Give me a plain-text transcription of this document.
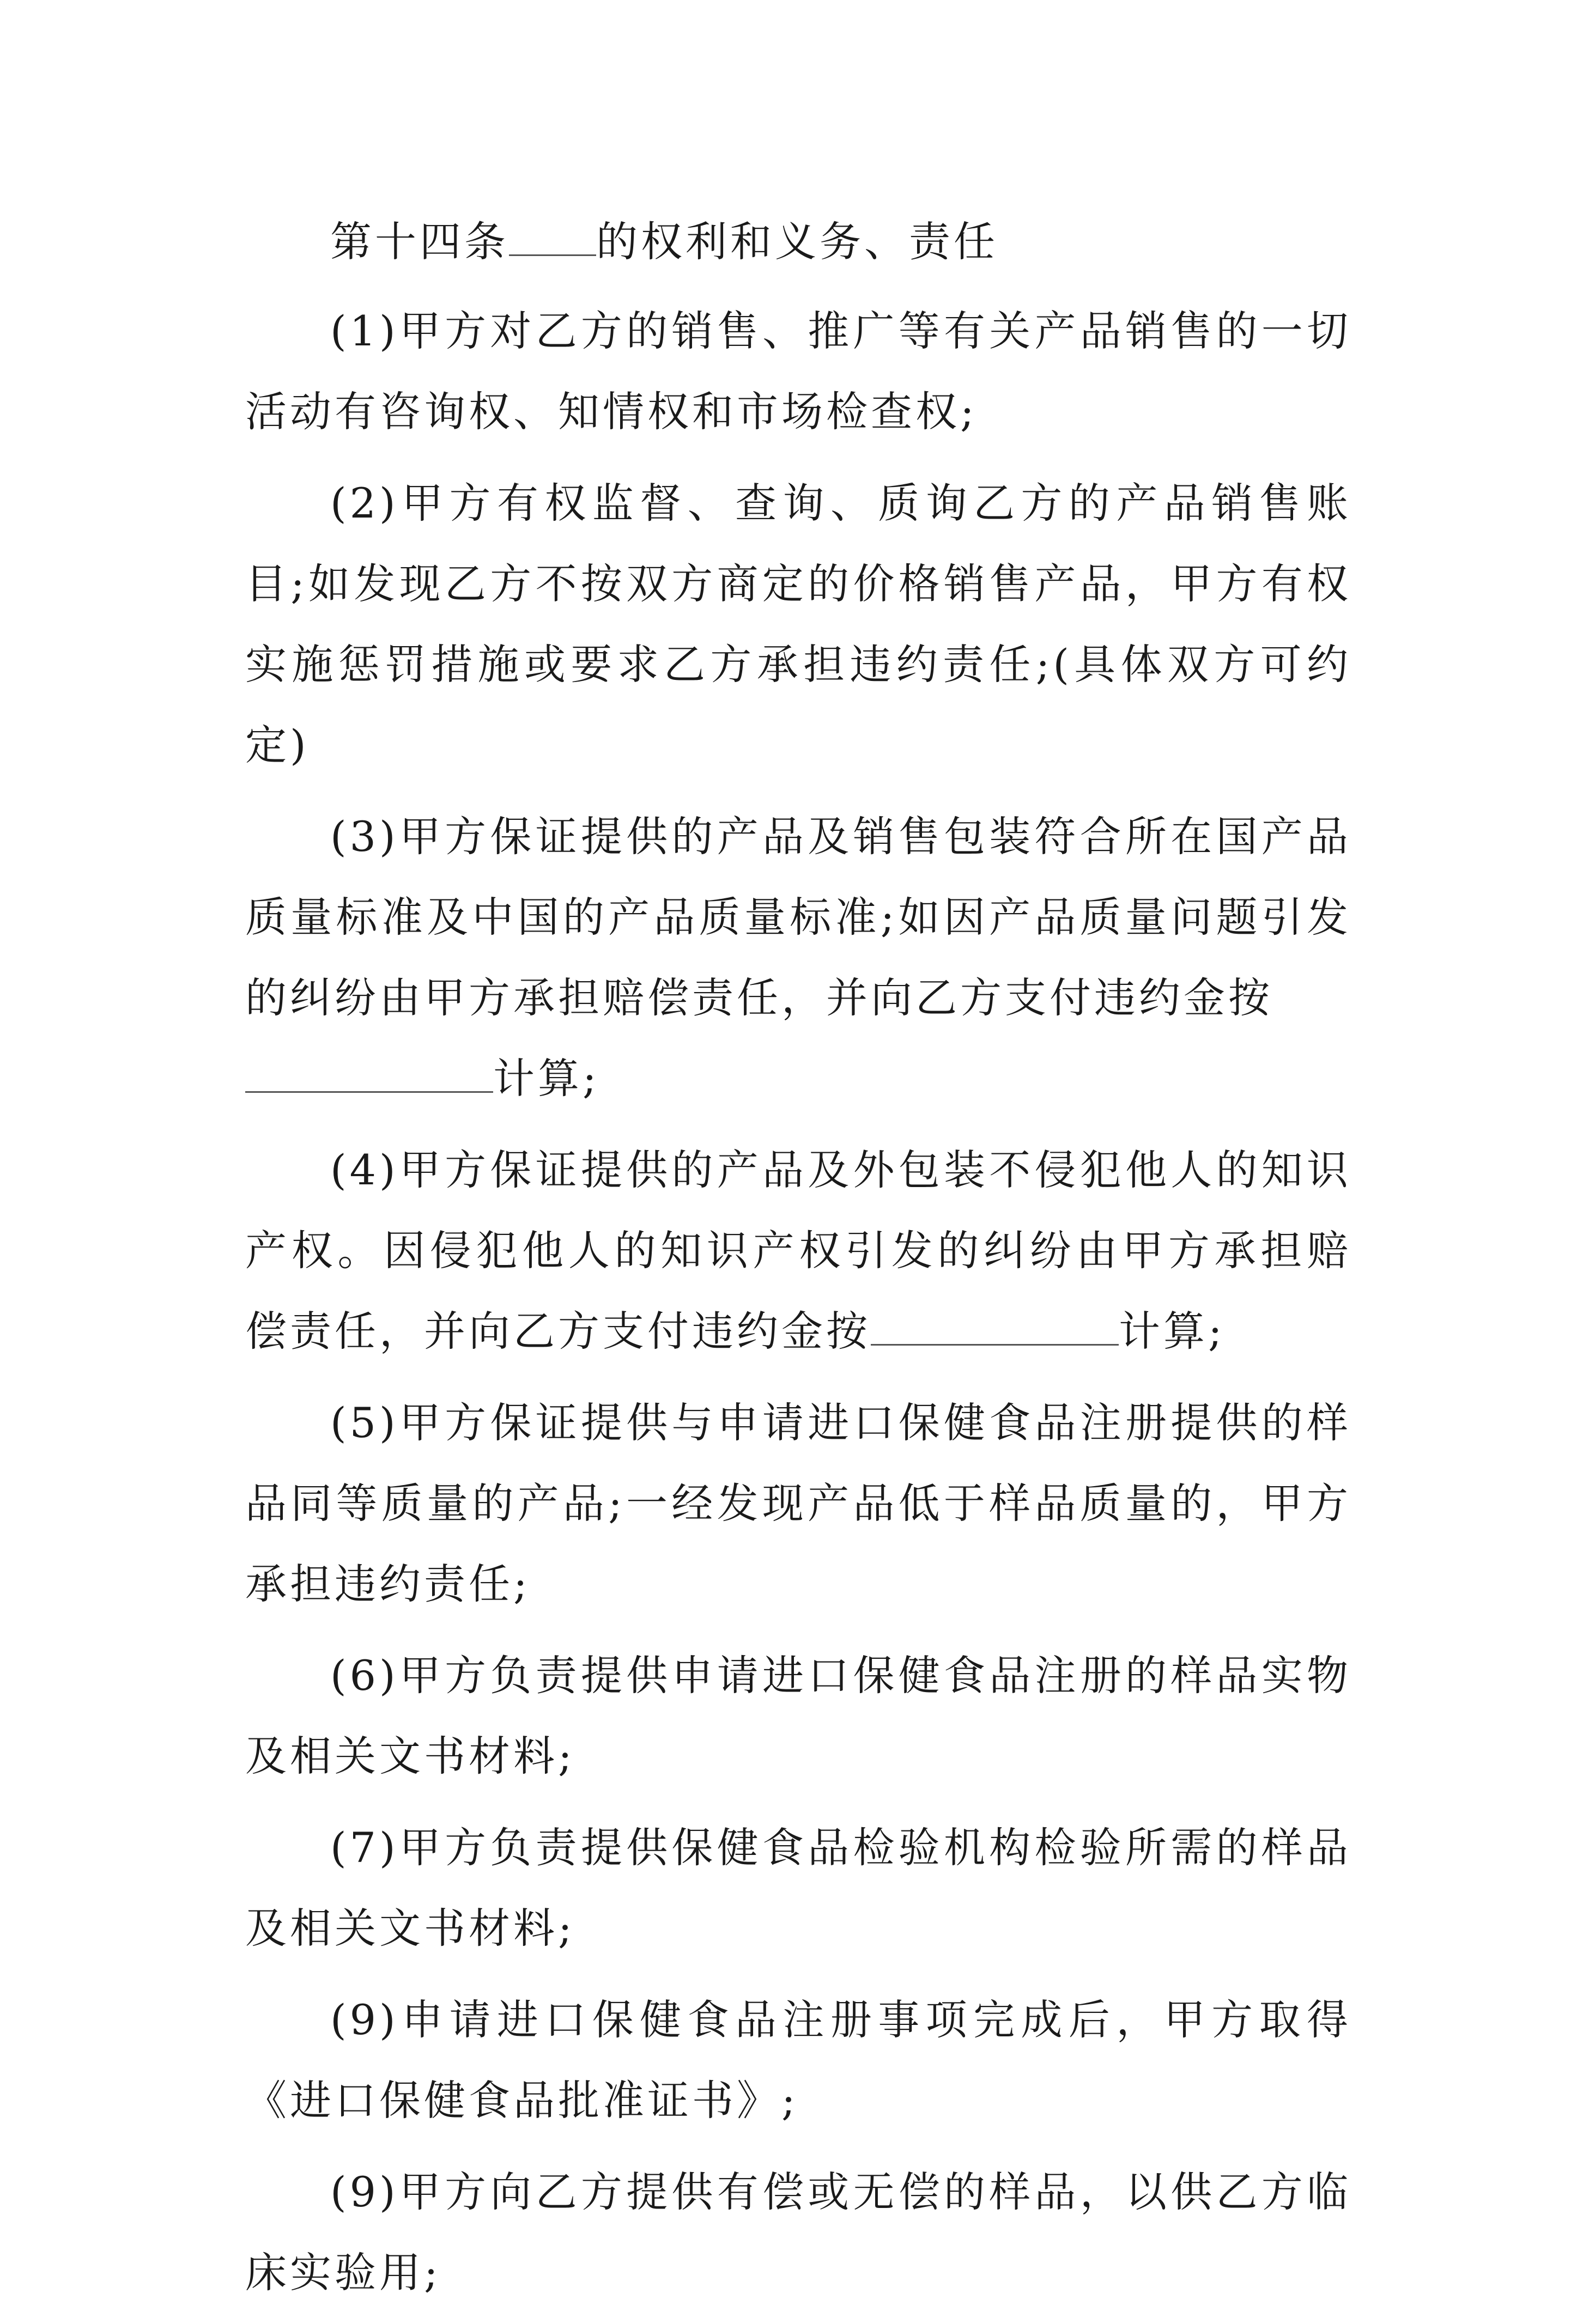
第十四条 的权利和义务、责任

(1)甲方对乙方的销售、推广等有关产品销售的一切活动有咨询权、知情权和市场检查权;

(2)甲方有权监督、查询、质询乙方的产品销售账目;如发现乙方不按双方商定的价格销售产品，甲方有权实施惩罚措施或要求乙方承担违约责任;(具体双方可约定)

(3)甲方保证提供的产品及销售包装符合所在国产品质量标准及中国的产品质量标准;如因产品质量问题引发的纠纷由甲方承担赔偿责任，并向乙方支付违约金按
计算;

(4)甲方保证提供的产品及外包装不侵犯他人的知识产权。因侵犯他人的知识产权引发的纠纷由甲方承担赔偿责任，并向乙方支付违约金按	计算;

(5)甲方保证提供与申请进口保健食品注册提供的样品同等质量的产品;一经发现产品低于样品质量的，甲方承担违约责任;

(6)甲方负责提供申请进口保健食品注册的样品实物及相关文书材料;

(7)甲方负责提供保健食品检验机构检验所需的样品及相关文书材料;

(9)申请进口保健食品注册事项完成后，甲方取得《进口保健食品批准证书》;

(9)甲方向乙方提供有偿或无偿的样品，以供乙方临床实验用;
